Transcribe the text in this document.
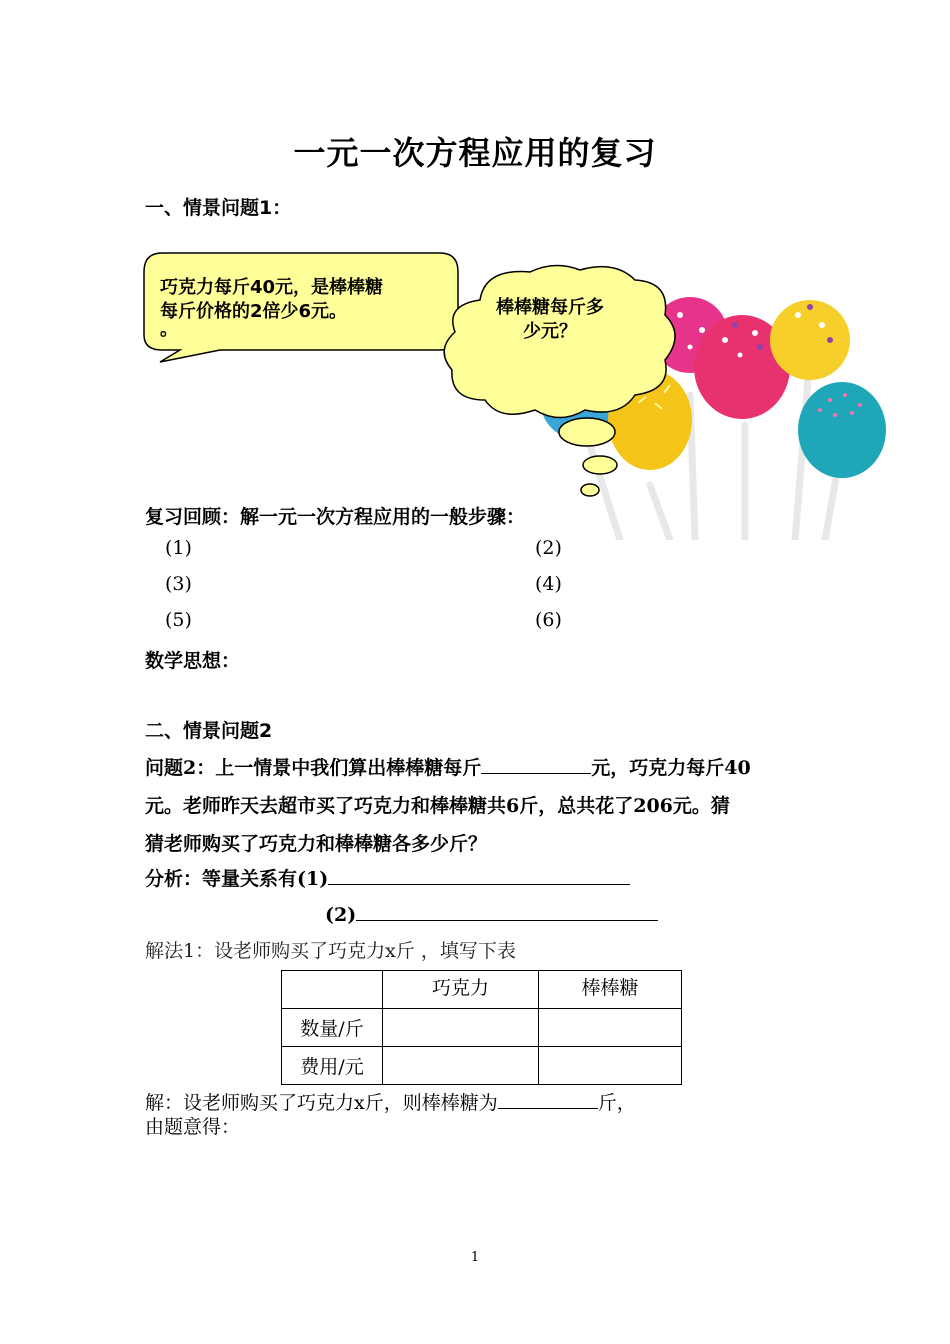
一元一次方程应用的复习
一、情景问题1：
巧克力每斤40元，是棒棒糖
每斤价格的2倍少6元。
。
棒棒糖每斤多
少元？
复习回顾：解一元一次方程应用的一般步骤：
(1)	(2)
(3)	(4)
(5)	(6)
数学思想：
二、情景问题2
问题2：上一情景中我们算出棒棒糖每斤	元，巧克力每斤40
元。老师昨天去超市买了巧克力和棒棒糖共6斤，总共花了206元。猜
猜老师购买了巧克力和棒棒糖各多少斤？
分析：等量关系有(1)
(2)
解法1：设老师购买了巧克力x斤 ，填写下表
	巧克力	棒棒糖
数量/斤		
费用/元		
解：设老师购买了巧克力x斤，则棒棒糖为	斤，
由题意得：
1
